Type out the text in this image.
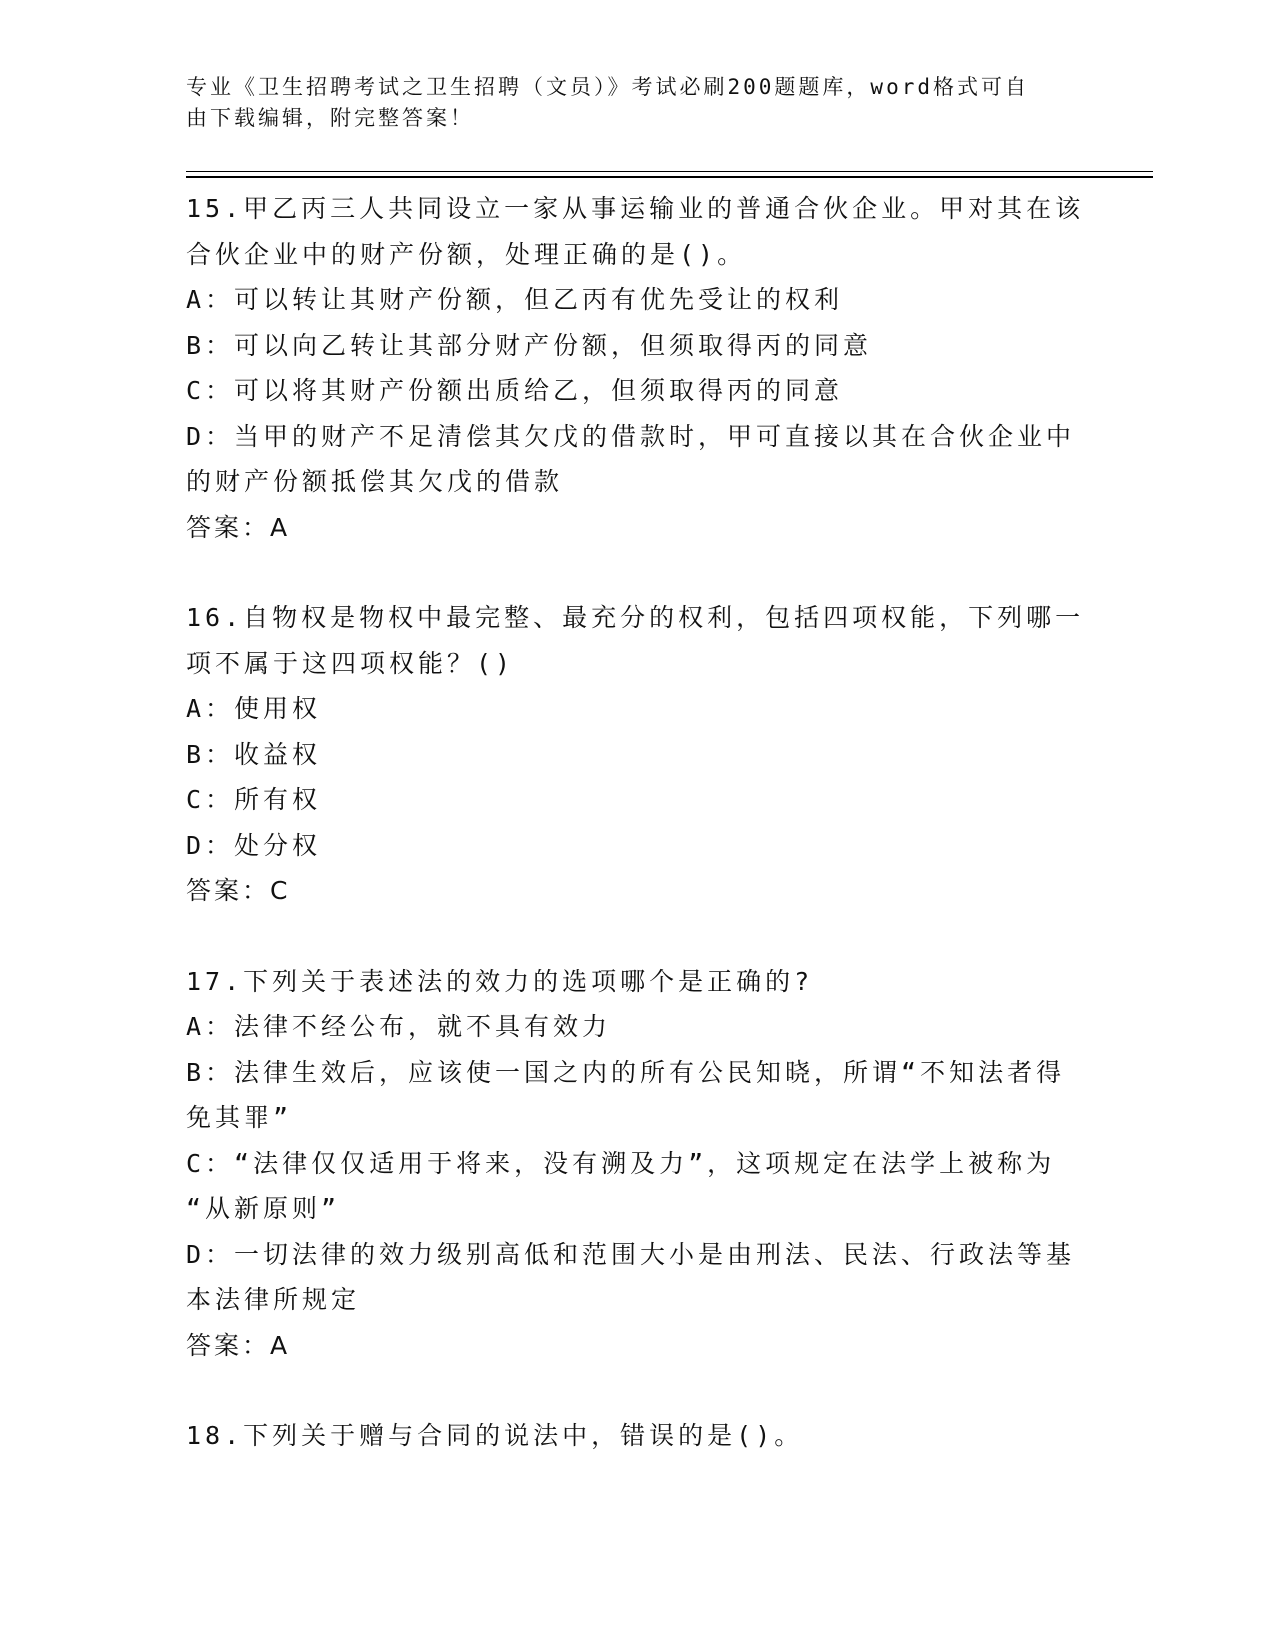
专业《卫生招聘考试之卫生招聘（文员）》考试必刷200题题库，word格式可自
由下载编辑，附完整答案！

15.甲乙丙三人共同设立一家从事运输业的普通合伙企业。甲对其在该

合伙企业中的财产份额，处理正确的是()。

A：可以转让其财产份额，但乙丙有优先受让的权利

B：可以向乙转让其部分财产份额，但须取得丙的同意

C：可以将其财产份额出质给乙，但须取得丙的同意

D：当甲的财产不足清偿其欠戊的借款时，甲可直接以其在合伙企业中

的财产份额抵偿其欠戊的借款

答案：A

16.自物权是物权中最完整、最充分的权利，包括四项权能，下列哪一

项不属于这四项权能？()

A：使用权

B：收益权

C：所有权

D：处分权

答案：C

17.下列关于表述法的效力的选项哪个是正确的?

A：法律不经公布，就不具有效力

B：法律生效后，应该使一国之内的所有公民知晓，所谓“不知法者得

免其罪”

C：“法律仅仅适用于将来，没有溯及力”，这项规定在法学上被称为

“从新原则”

D：一切法律的效力级别高低和范围大小是由刑法、民法、行政法等基

本法律所规定

答案：A

18.下列关于赠与合同的说法中，错误的是()。
